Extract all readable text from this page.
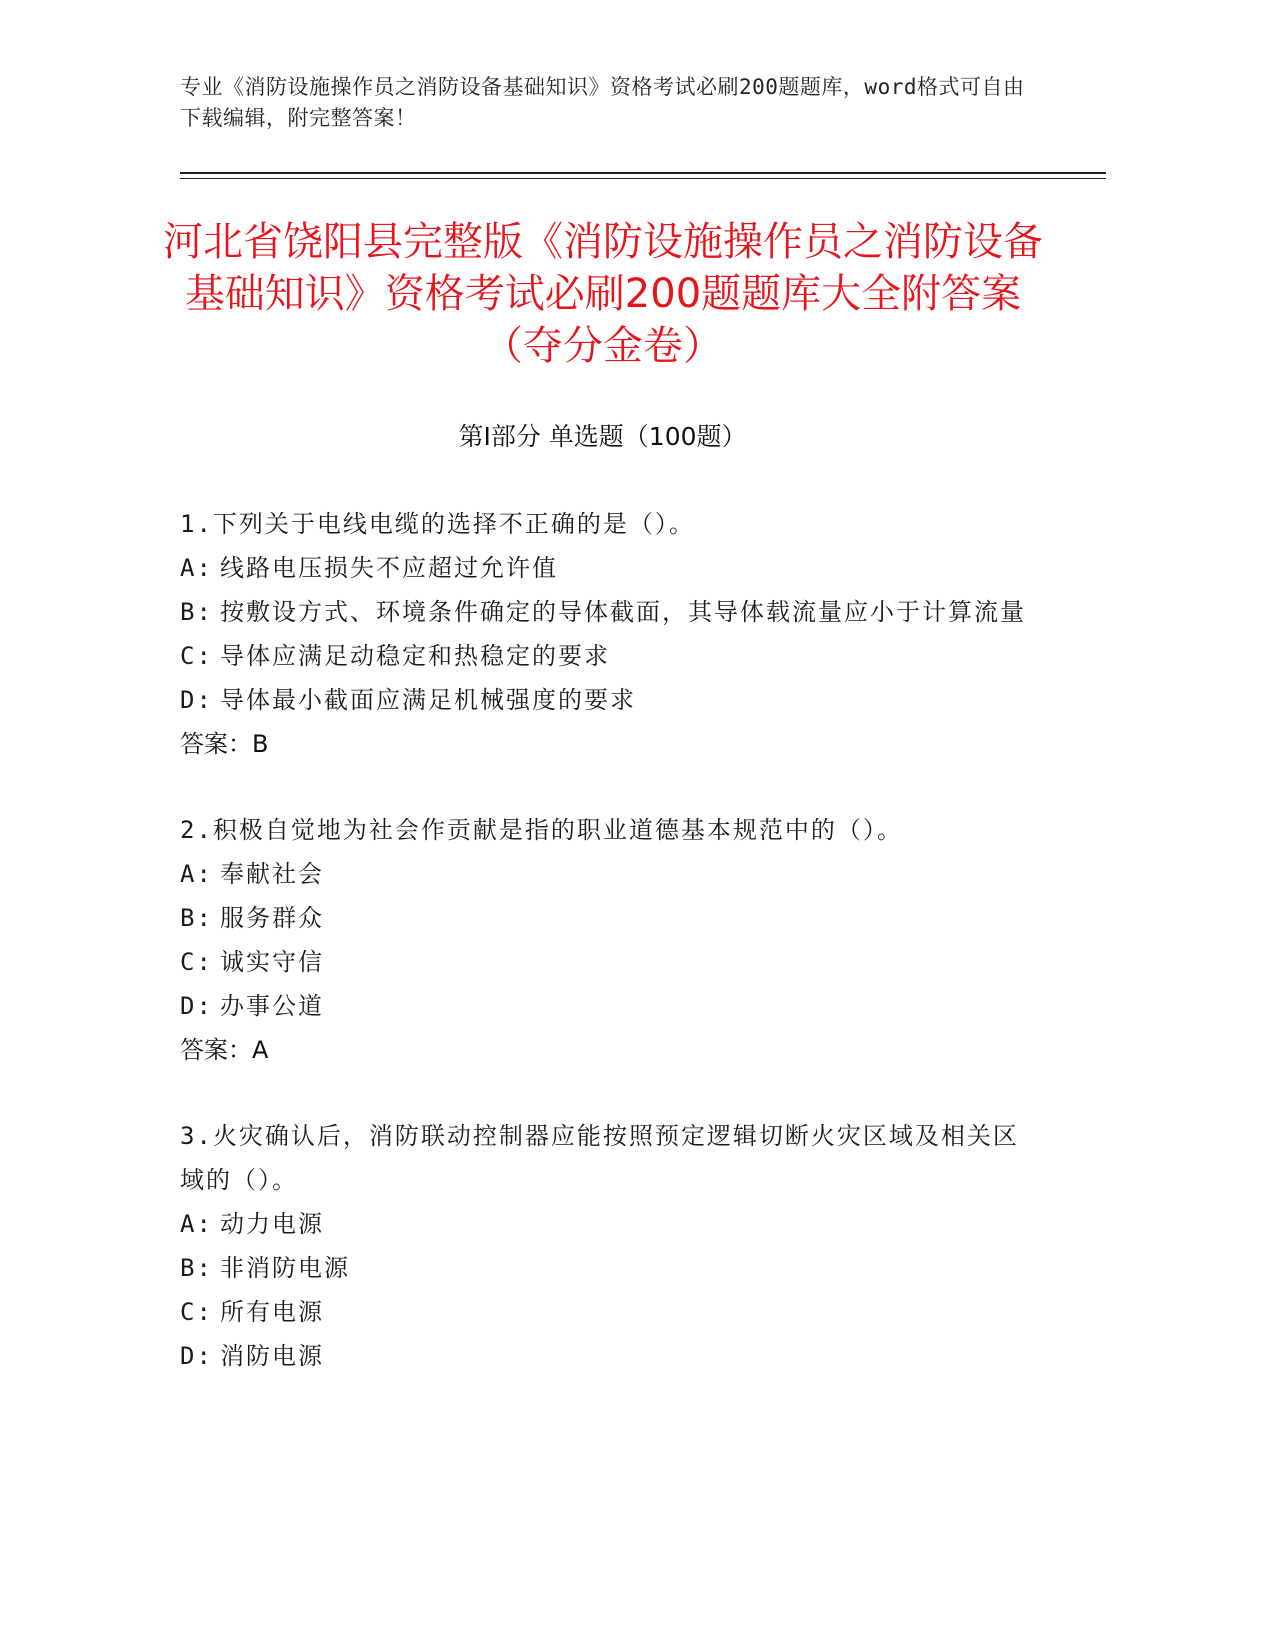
专业《消防设施操作员之消防设备基础知识》资格考试必刷200题题库，word格式可自由下载编辑，附完整答案！
河北省饶阳县完整版《消防设施操作员之消防设备基础知识》资格考试必刷200题题库大全附答案（夺分金卷）
第I部分 单选题（100题）
1.下列关于电线电缆的选择不正确的是（）。
A: 线路电压损失不应超过允许值
B: 按敷设方式、环境条件确定的导体截面，其导体载流量应小于计算流量
C: 导体应满足动稳定和热稳定的要求
D: 导体最小截面应满足机械强度的要求
答案：B
2.积极自觉地为社会作贡献是指的职业道德基本规范中的（）。
A: 奉献社会
B: 服务群众
C: 诚实守信
D: 办事公道
答案：A
3.火灾确认后，消防联动控制器应能按照预定逻辑切断火灾区域及相关区域的（）。
A: 动力电源
B: 非消防电源
C: 所有电源
D: 消防电源
